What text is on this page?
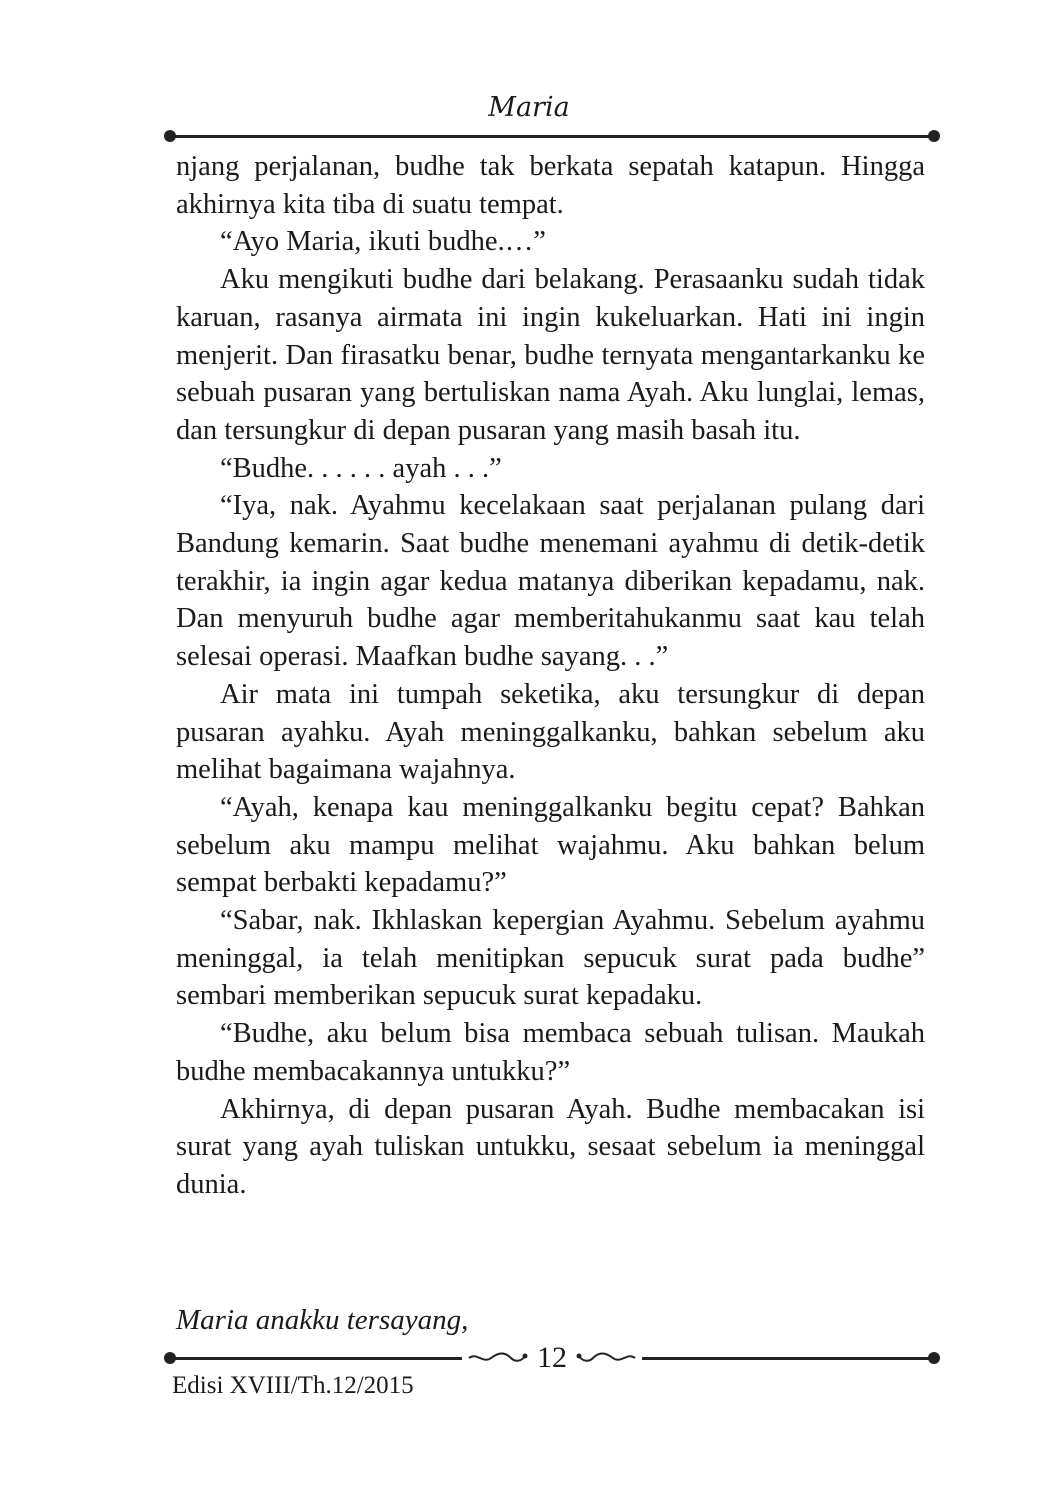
Maria

njang perjalanan, budhe tak berkata sepatah katapun. Hingga akhirnya kita tiba di suatu tempat.

“Ayo Maria, ikuti budhe.…”

Aku mengikuti budhe dari belakang. Perasaanku sudah tidak karuan, rasanya airmata ini ingin kukeluarkan. Hati ini ingin menjerit. Dan firasatku benar, budhe ternyata mengantarkanku ke sebuah pusaran yang bertuliskan nama Ayah. Aku lunglai, lemas, dan tersungkur di depan pusaran yang masih basah itu.

“Budhe. . . . . . ayah . . .”

“Iya, nak. Ayahmu kecelakaan saat perjalanan pulang dari Bandung kemarin. Saat budhe menemani ayahmu di detik-detik terakhir, ia ingin agar kedua matanya diberikan kepadamu, nak. Dan menyuruh budhe agar memberitahukanmu saat kau telah selesai operasi. Maafkan budhe sayang. . .”

Air mata ini tumpah seketika, aku tersungkur di depan pusaran ayahku. Ayah meninggalkanku, bahkan sebelum aku melihat bagaimana wajahnya.

“Ayah, kenapa kau meninggalkanku begitu cepat? Bahkan sebelum aku mampu melihat wajahmu. Aku bahkan belum sempat berbakti kepadamu?”

“Sabar, nak. Ikhlaskan kepergian Ayahmu. Sebelum ayahmu meninggal, ia telah menitipkan sepucuk surat pada budhe” sembari memberikan sepucuk surat kepadaku.

“Budhe, aku belum bisa membaca sebuah tulisan. Maukah budhe membacakannya untukku?”

Akhirnya, di depan pusaran Ayah. Budhe membacakan isi surat yang ayah tuliskan untukku, sesaat sebelum ia meninggal dunia.

Maria anakku tersayang,
12
Edisi XVIII/Th.12/2015
